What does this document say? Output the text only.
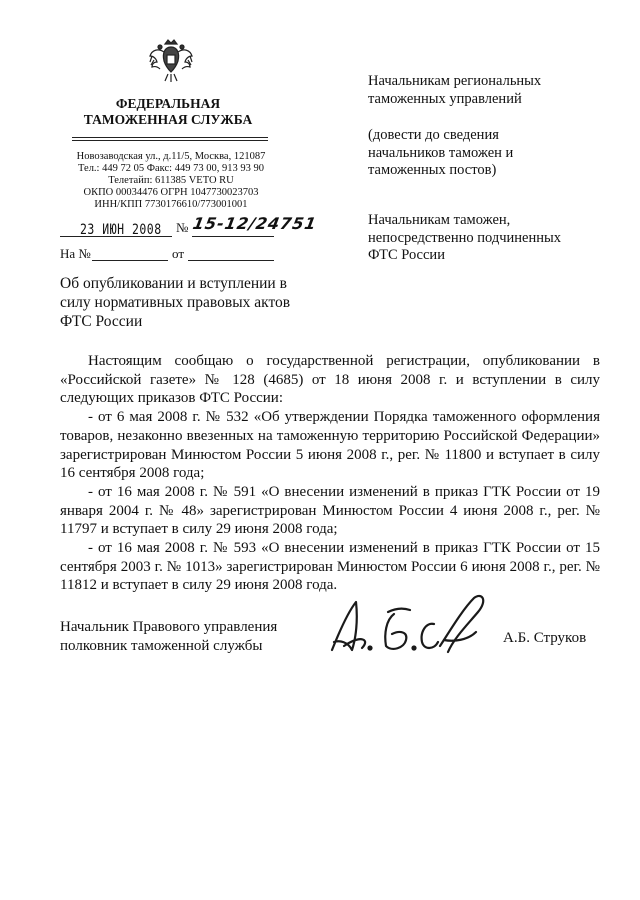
ФЕДЕРАЛЬНАЯ
ТАМОЖЕННАЯ СЛУЖБА
Новозаводская ул., д.11/5, Москва, 121087
Тел.: 449 72 05 Факс: 449 73 00, 913 93 90
Телетайп: 611385 VETO RU
ОКПО 00034476 ОГРН 1047730023703
ИНН/КПП 7730176610/773001001
23 ИЮН 2008 № 15-12/24751
На №	от
Об опубликовании и вступлении в силу нормативных правовых актов ФТС России
Начальникам региональных
таможенных управлений
(довести до сведения
начальников таможен и
таможенных постов)
Начальникам таможен,
непосредственно подчиненных
ФТС России

Настоящим сообщаю о государственной регистрации, опубликовании в «Российской газете» № 128 (4685) от 18 июня 2008 г. и вступлении в силу следующих приказов ФТС России:

- от 6 мая 2008 г. № 532 «Об утверждении Порядка таможенного оформления товаров, незаконно ввезенных на таможенную территорию Российской Федерации» зарегистрирован Минюстом России 5 июня 2008 г., рег. № 11800 и вступает в силу 16 сентября 2008 года;

- от 16 мая 2008 г. № 591 «О внесении изменений в приказ ГТК России от 19 января 2004 г. № 48» зарегистрирован Минюстом России 4 июня 2008 г., рег. № 11797 и вступает в силу 29 июня 2008 года;

- от 16 мая 2008 г. № 593 «О внесении изменений в приказ ГТК России от 15 сентября 2003 г. № 1013» зарегистрирован Минюстом России 6 июня 2008 г., рег. № 11812 и вступает в силу 29 июня 2008 года.

Начальник Правового управления
полковник таможенной службы	А.Б. Струков
